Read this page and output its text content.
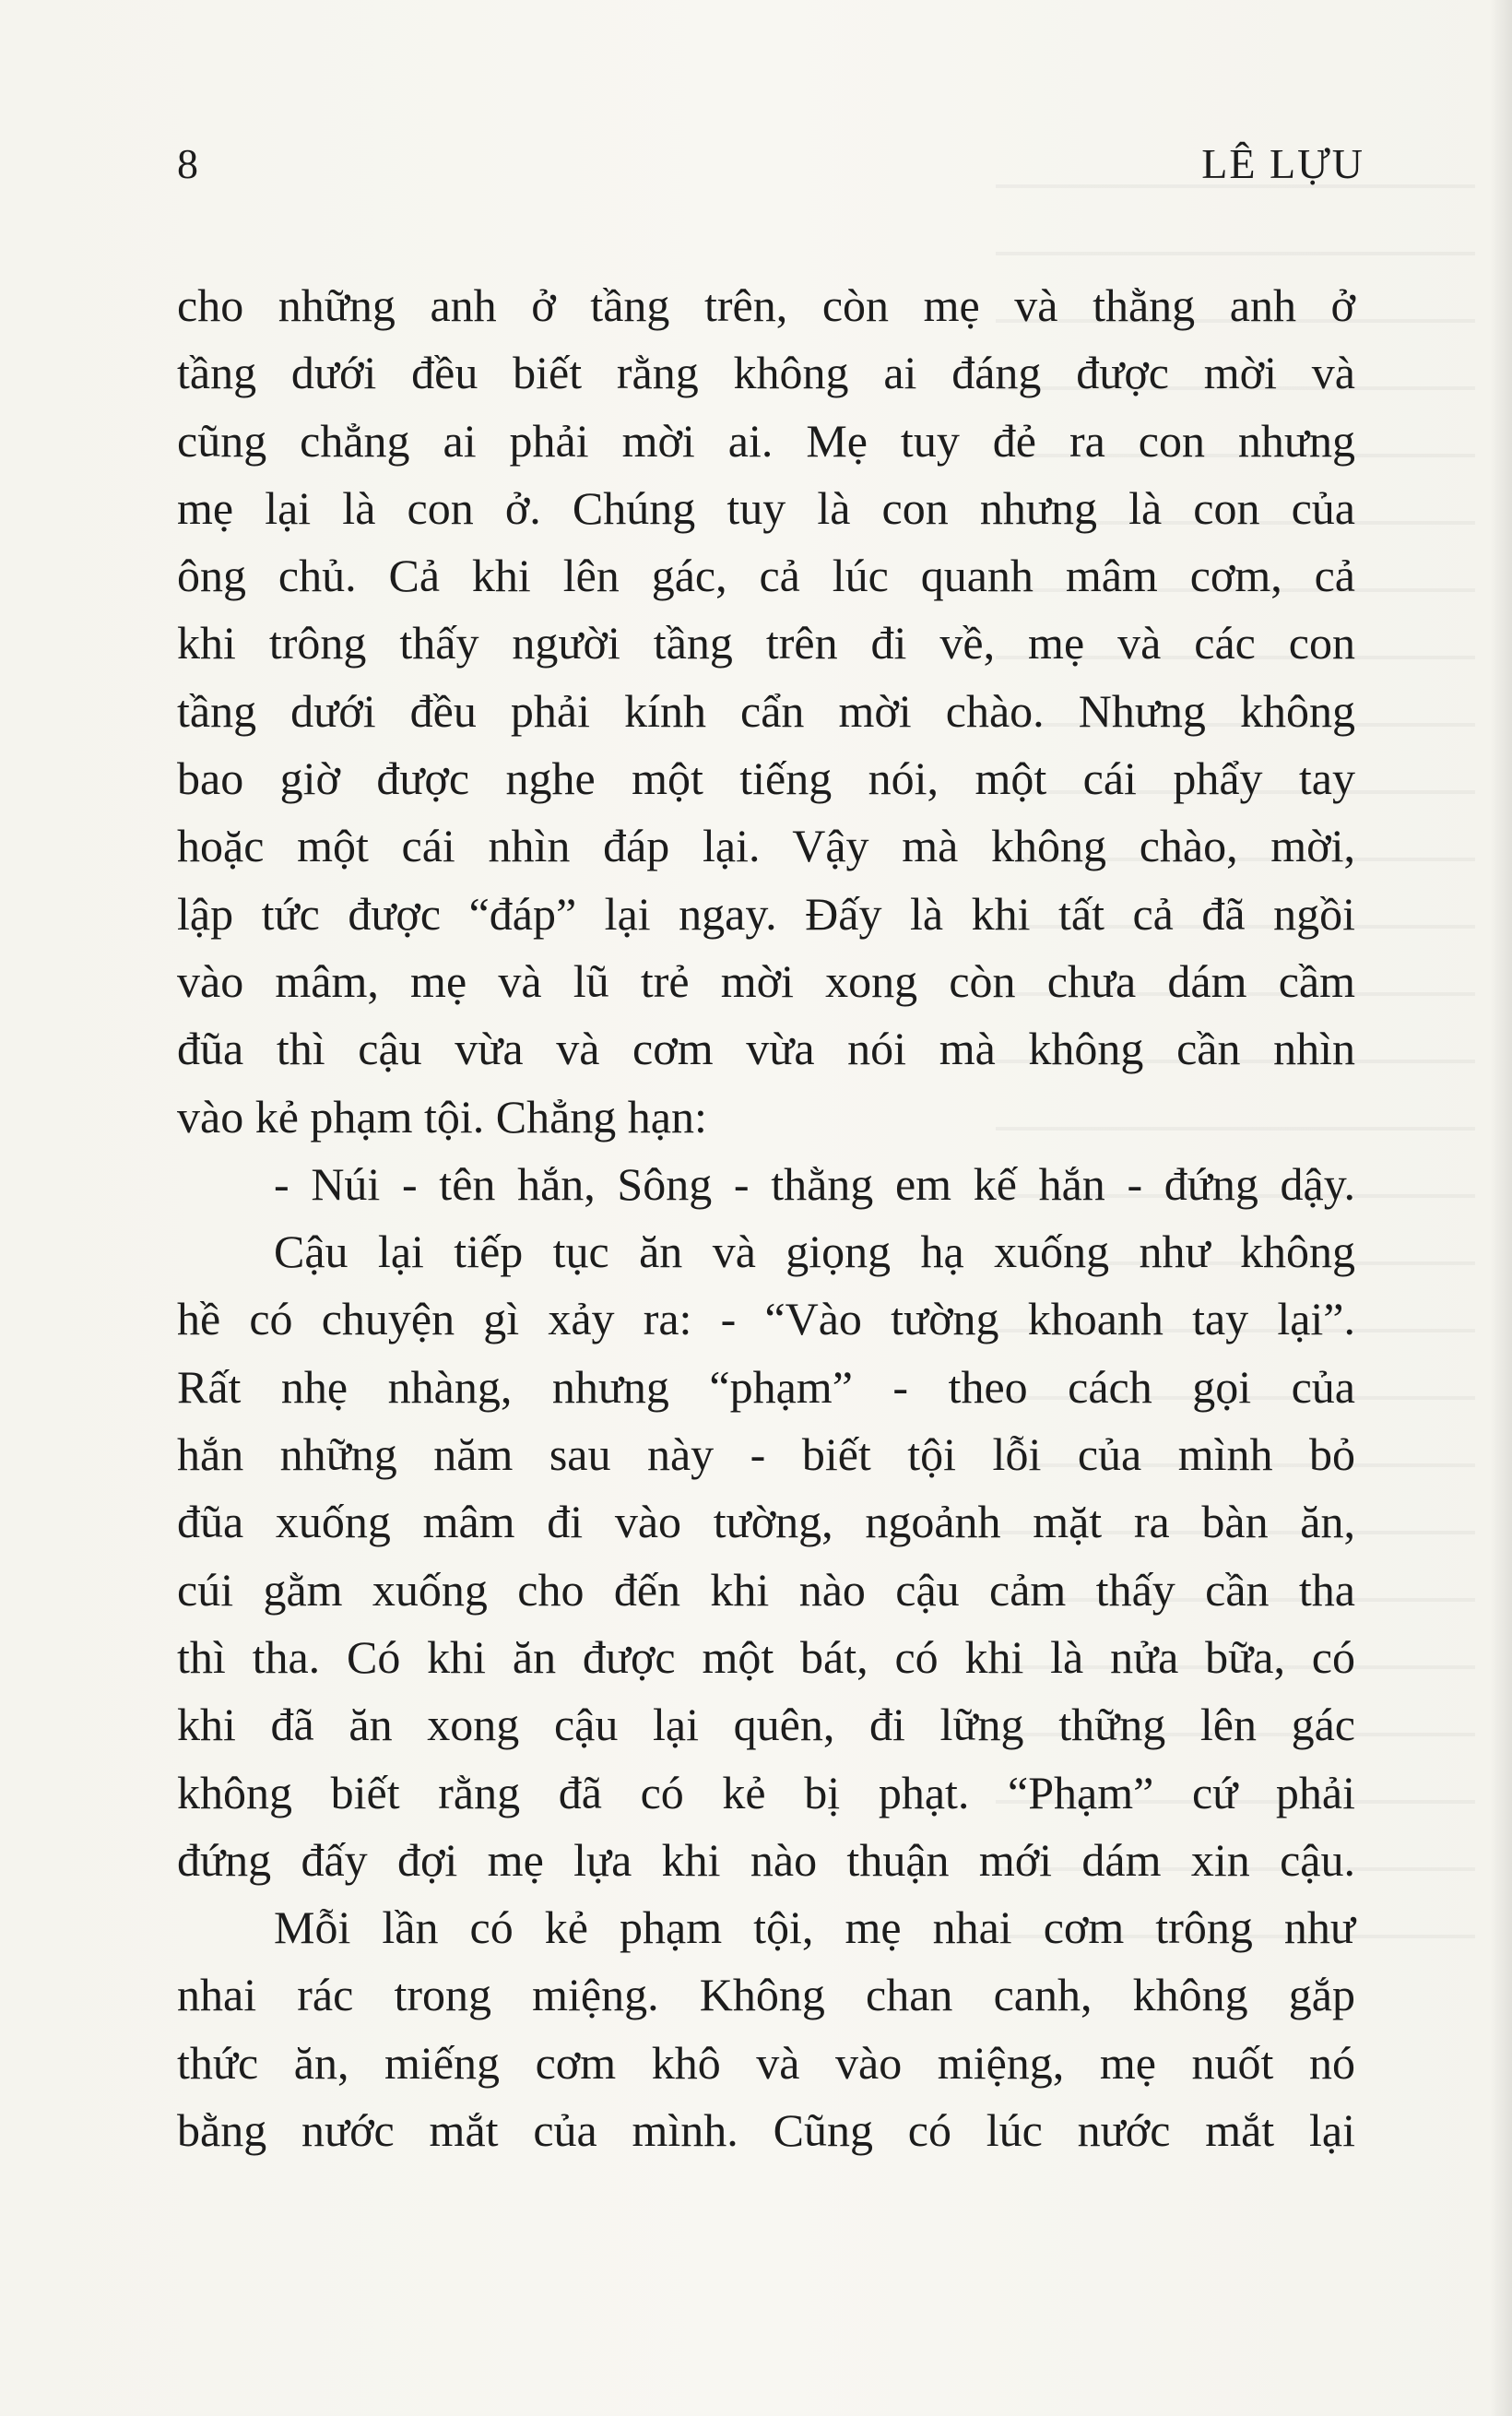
8	LÊ LỰU
cho những anh ở tầng trên, còn mẹ và thằng anh ở
tầng dưới đều biết rằng không ai đáng được mời và
cũng chẳng ai phải mời ai. Mẹ tuy đẻ ra con nhưng
mẹ lại là con ở. Chúng tuy là con nhưng là con của
ông chủ. Cả khi lên gác, cả lúc quanh mâm cơm, cả
khi trông thấy người tầng trên đi về, mẹ và các con
tầng dưới đều phải kính cẩn mời chào. Nhưng không
bao giờ được nghe một tiếng nói, một cái phẩy tay
hoặc một cái nhìn đáp lại. Vậy mà không chào, mời,
lập tức được “đáp” lại ngay. Đấy là khi tất cả đã ngồi
vào mâm, mẹ và lũ trẻ mời xong còn chưa dám cầm
đũa thì cậu vừa và cơm vừa nói mà không cần nhìn
vào kẻ phạm tội. Chẳng hạn:
- Núi - tên hắn, Sông - thằng em kế hắn - đứng dậy.
Cậu lại tiếp tục ăn và giọng hạ xuống như không
hề có chuyện gì xảy ra: - “Vào tường khoanh tay lại”.
Rất nhẹ nhàng, nhưng “phạm” - theo cách gọi của
hắn những năm sau này - biết tội lỗi của mình bỏ
đũa xuống mâm đi vào tường, ngoảnh mặt ra bàn ăn,
cúi gằm xuống cho đến khi nào cậu cảm thấy cần tha
thì tha. Có khi ăn được một bát, có khi là nửa bữa, có
khi đã ăn xong cậu lại quên, đi lững thững lên gác
không biết rằng đã có kẻ bị phạt. “Phạm” cứ phải
đứng đấy đợi mẹ lựa khi nào thuận mới dám xin cậu.
Mỗi lần có kẻ phạm tội, mẹ nhai cơm trông như
nhai rác trong miệng. Không chan canh, không gắp
thức ăn, miếng cơm khô và vào miệng, mẹ nuốt nó
bằng nước mắt của mình. Cũng có lúc nước mắt lại
